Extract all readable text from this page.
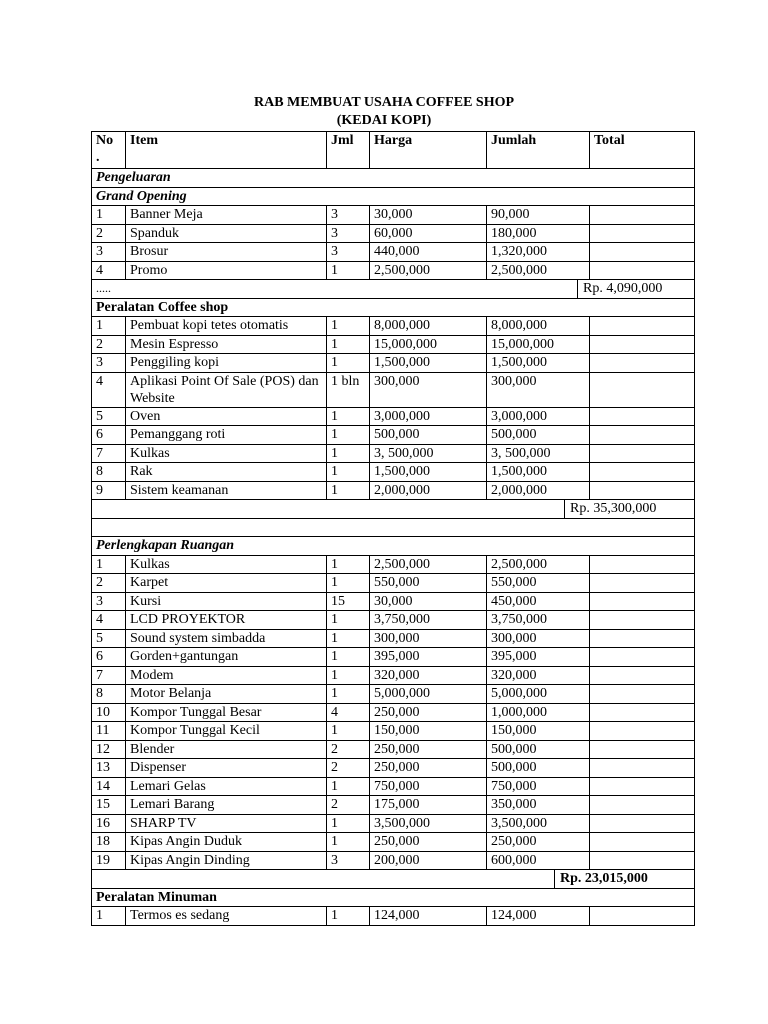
RAB MEMBUAT USAHA COFFEE SHOP
(KEDAI KOPI)
No .	Item	Jml	Harga	Jumlah	Total
Pengeluaran					
Grand Opening					
1	Banner Meja	3	30,000	90,000	
2	Spanduk	3	60,000	180,000	
3	Brosur	3	440,000	1,320,000	
4	Promo	1	2,500,000	2,500,000	
..... Rp. 4,090,000					

Peralatan Coffee shop					
1	Pembuat kopi tetes otomatis	1	8,000,000	8,000,000	
2	Mesin Espresso	1	15,000,000	15,000,000	
3	Penggiling kopi	1	1,500,000	1,500,000	
4	Aplikasi Point Of Sale (POS) dan Website	1 bln	300,000	300,000	
5	Oven	1	3,000,000	3,000,000	
6	Pemanggang roti	1	500,000	500,000	
7	Kulkas	1	3, 500,000	3, 500,000	
8	Rak	1	1,500,000	1,500,000	
9	Sistem keamanan	1	2,000,000	2,000,000	

Rp. 35,300,000					

Perlengkapan Ruangan					
1	Kulkas	1	2,500,000	2,500,000	
2	Karpet	1	550,000	550,000	
3	Kursi	15	30,000	450,000	
4	LCD PROYEKTOR	1	3,750,000	3,750,000	
5	Sound system simbadda	1	300,000	300,000	
6	Gorden+gantungan	1	395,000	395,000	
7	Modem	1	320,000	320,000	
8	Motor Belanja	1	5,000,000	5,000,000	
10	Kompor Tunggal Besar	4	250,000	1,000,000	
11	Kompor Tunggal Kecil	1	150,000	150,000	
12	Blender	2	250,000	500,000	
13	Dispenser	2	250,000	500,000	
14	Lemari Gelas	1	750,000	750,000	
15	Lemari Barang	2	175,000	350,000	
16	SHARP TV	1	3,500,000	3,500,000	
18	Kipas Angin Duduk	1	250,000	250,000	
19	Kipas Angin Dinding	3	200,000	600,000	

Rp. 23,015,000					

Peralatan Minuman					
1	Termos es sedang	1	124,000	124,000	
